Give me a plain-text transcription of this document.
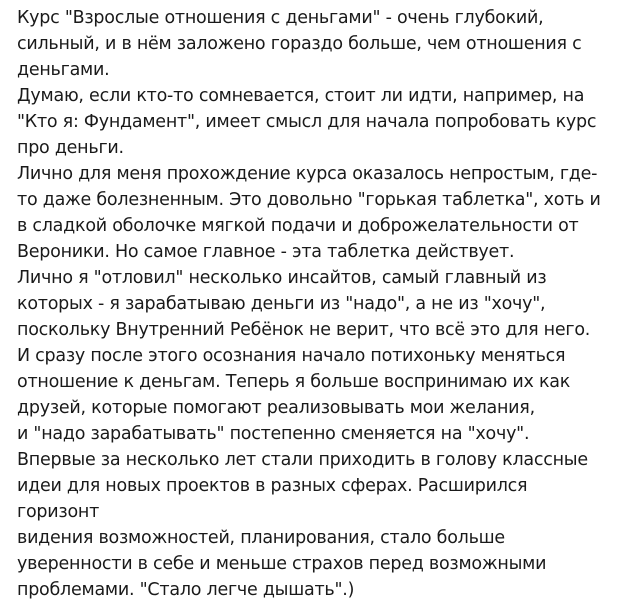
Курс "Взрослые отношения с деньгами" - очень глубокий,
сильный, и в нём заложено гораздо больше, чем отношения с
деньгами.
Думаю, если кто-то сомневается, стоит ли идти, например, на
"Кто я: Фундамент", имеет смысл для начала попробовать курс
про деньги.
Лично для меня прохождение курса оказалось непростым, где-
то даже болезненным. Это довольно "горькая таблетка", хоть и
в сладкой оболочке мягкой подачи и доброжелательности от
Вероники. Но самое главное - эта таблетка действует.
Лично я "отловил" несколько инсайтов, самый главный из
которых - я зарабатываю деньги из "надо", а не из "хочу",
поскольку Внутренний Ребёнок не верит, что всё это для него.
И сразу после этого осознания начало потихоньку меняться
отношение к деньгам. Теперь я больше воспринимаю их как
друзей, которые помогают реализовывать мои желания,
и "надо зарабатывать" постепенно сменяется на "хочу".
Впервые за несколько лет стали приходить в голову классные
идеи для новых проектов в разных сферах. Расширился
горизонт
видения возможностей, планирования, стало больше
уверенности в себе и меньше страхов перед возможными
проблемами. "Стало легче дышать".)
